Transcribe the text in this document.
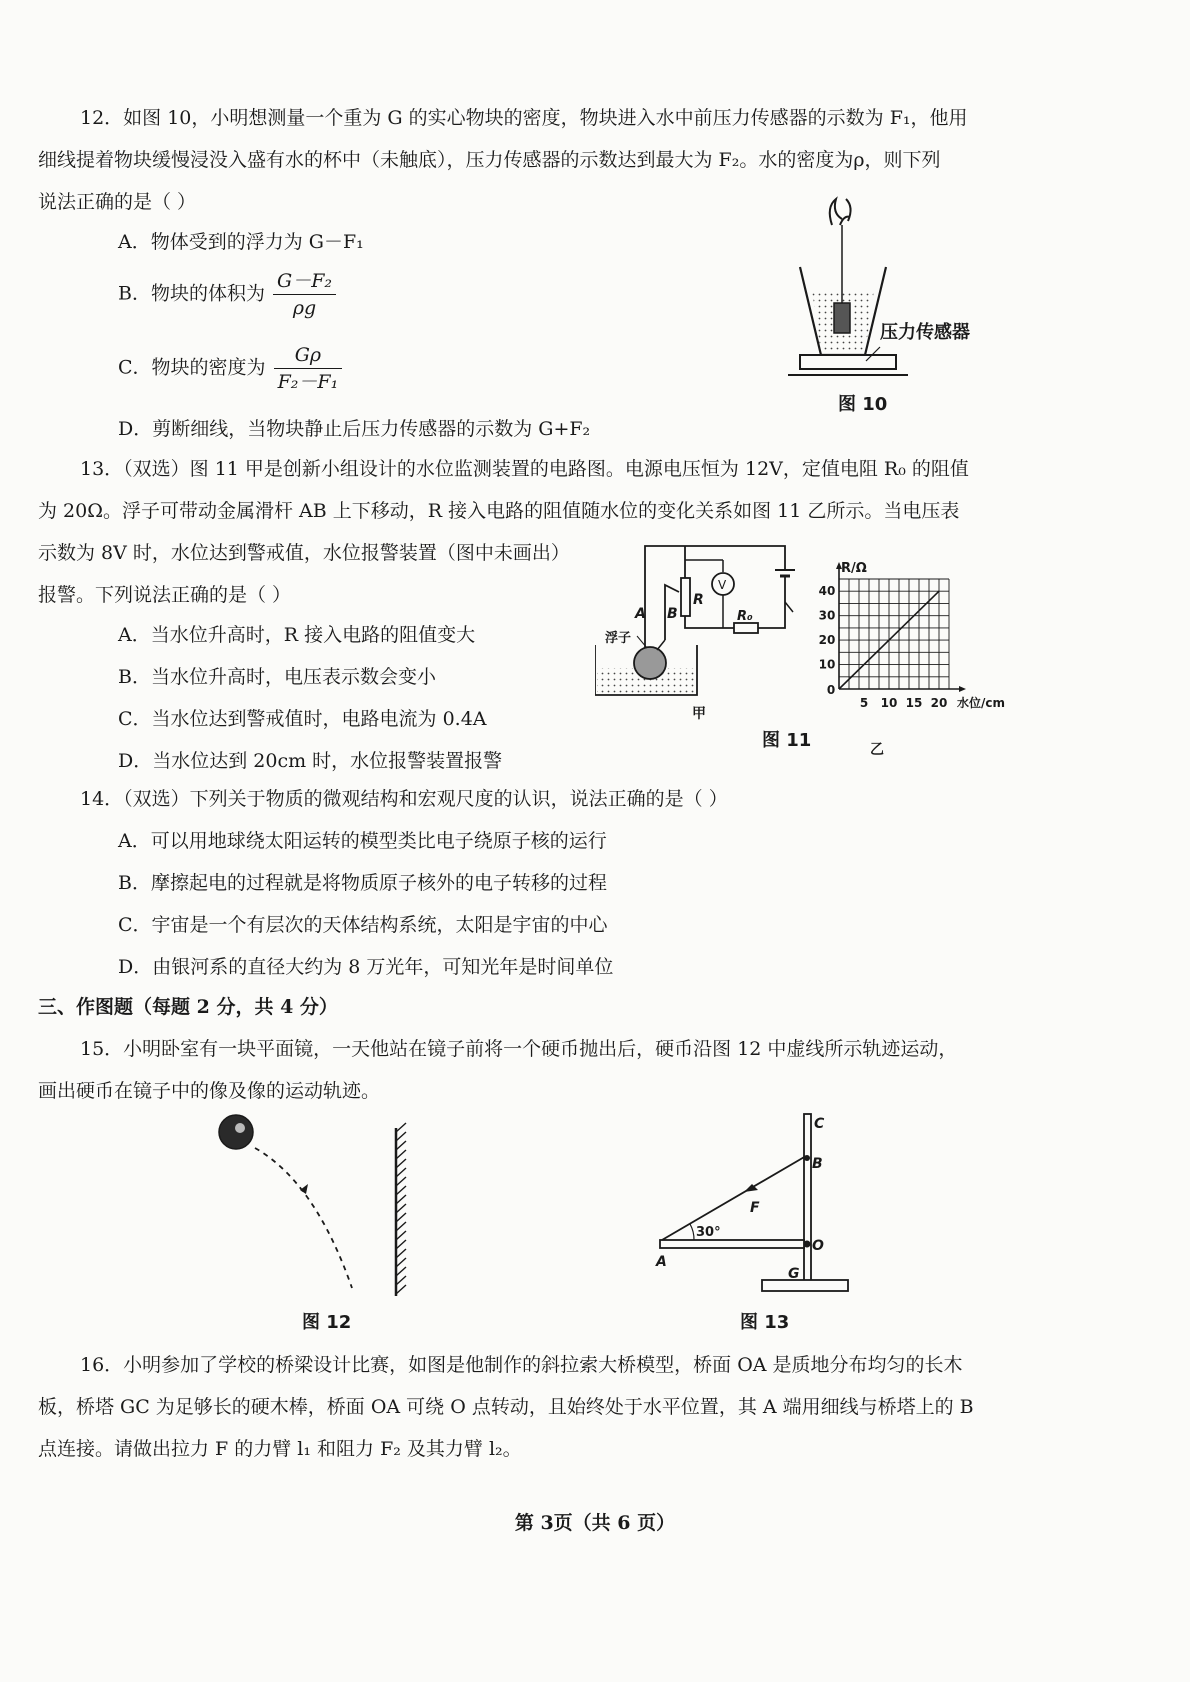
12．如图 10，小明想测量一个重为 G 的实心物块的密度，物块进入水中前压力传感器的示数为 F₁，他用
细线提着物块缓慢浸没入盛有水的杯中（未触底），压力传感器的示数达到最大为 F₂。水的密度为ρ，则下列
说法正确的是（ ）
A．物体受到的浮力为 G－F₁
B．物块的体积为 $\frac{\text{G－F₂}}{\rho g}$
C．物块的密度为 $\frac{G\rho}{\text{F₂－F₁}}$
D．剪断细线，当物块静止后压力传感器的示数为 G+F₂
压力传感器
图 10
13．（双选）图 11 甲是创新小组设计的水位监测装置的电路图。电源电压恒为 12V，定值电阻 R₀ 的阻值
为 20Ω。浮子可带动金属滑杆 AB 上下移动，R 接入电路的阻值随水位的变化关系如图 11 乙所示。当电压表
示数为 8V 时，水位达到警戒值，水位报警装置（图中未画出）
报警。下列说法正确的是（ ）
A．当水位升高时，R 接入电路的阻值变大
B．当水位升高时，电压表示数会变小
C．当水位达到警戒值时，电路电流为 0.4A
D．当水位达到 20cm 时，水位报警装置报警
A B
R
V
R₀
浮子
甲
R/Ω
水位/cm
0
10
20
30
40
5 10 15 20
乙
图 11
14．（双选）下列关于物质的微观结构和宏观尺度的认识，说法正确的是（ ）
A．可以用地球绕太阳运转的模型类比电子绕原子核的运行
B．摩擦起电的过程就是将物质原子核外的电子转移的过程
C．宇宙是一个有层次的天体结构系统，太阳是宇宙的中心
D．由银河系的直径大约为 8 万光年，可知光年是时间单位
三、作图题（每题 2 分，共 4 分）
15．小明卧室有一块平面镜，一天他站在镜子前将一个硬币抛出后，硬币沿图 12 中虚线所示轨迹运动，
画出硬币在镜子中的像及像的运动轨迹。
图 12
C
B
F
30°
O
A
G
图 13
16．小明参加了学校的桥梁设计比赛，如图是他制作的斜拉索大桥模型，桥面 OA 是质地分布均匀的长木
板，桥塔 GC 为足够长的硬木棒，桥面 OA 可绕 O 点转动，且始终处于水平位置，其 A 端用细线与桥塔上的 B
点连接。请做出拉力 F 的力臂 l₁ 和阻力 F₂ 及其力臂 l₂。
第 3页（共 6 页）
